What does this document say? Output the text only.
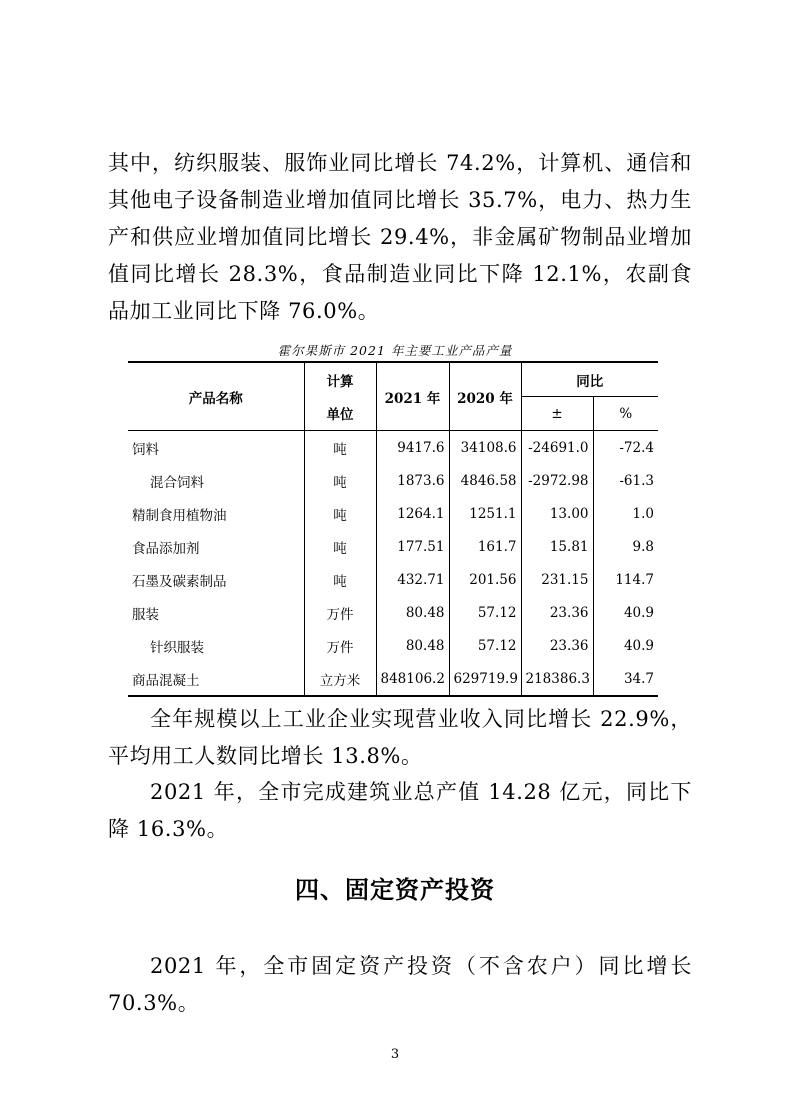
其中，纺织服装、服饰业同比增长 74.2%，计算机、通信和其他电子设备制造业增加值同比增长 35.7%，电力、热力生产和供应业增加值同比增长 29.4%，非金属矿物制品业增加值同比增长 28.3%，食品制造业同比下降 12.1%，农副食品加工业同比下降 76.0%。

霍尔果斯市 2021 年主要工业产品产量

产品名称	计算	2021 年	2020 年	同比	
	单位			±	%
饲料	吨	9417.6	34108.6	-24691.0	-72.4
混合饲料	吨	1873.6	4846.58	-2972.98	-61.3
精制食用植物油	吨	1264.1	1251.1	13.00	1.0
食品添加剂	吨	177.51	161.7	15.81	9.8
石墨及碳素制品	吨	432.71	201.56	231.15	114.7
服装	万件	80.48	57.12	23.36	40.9
针织服装	万件	80.48	57.12	23.36	40.9
商品混凝土	立方米	848106.2	629719.9	218386.3	34.7

全年规模以上工业企业实现营业收入同比增长 22.9%，平均用工人数同比增长 13.8%。

2021 年，全市完成建筑业总产值 14.28 亿元，同比下降 16.3%。

四、固定资产投资

2021 年，全市固定资产投资（不含农户）同比增长 70.3%。

3
